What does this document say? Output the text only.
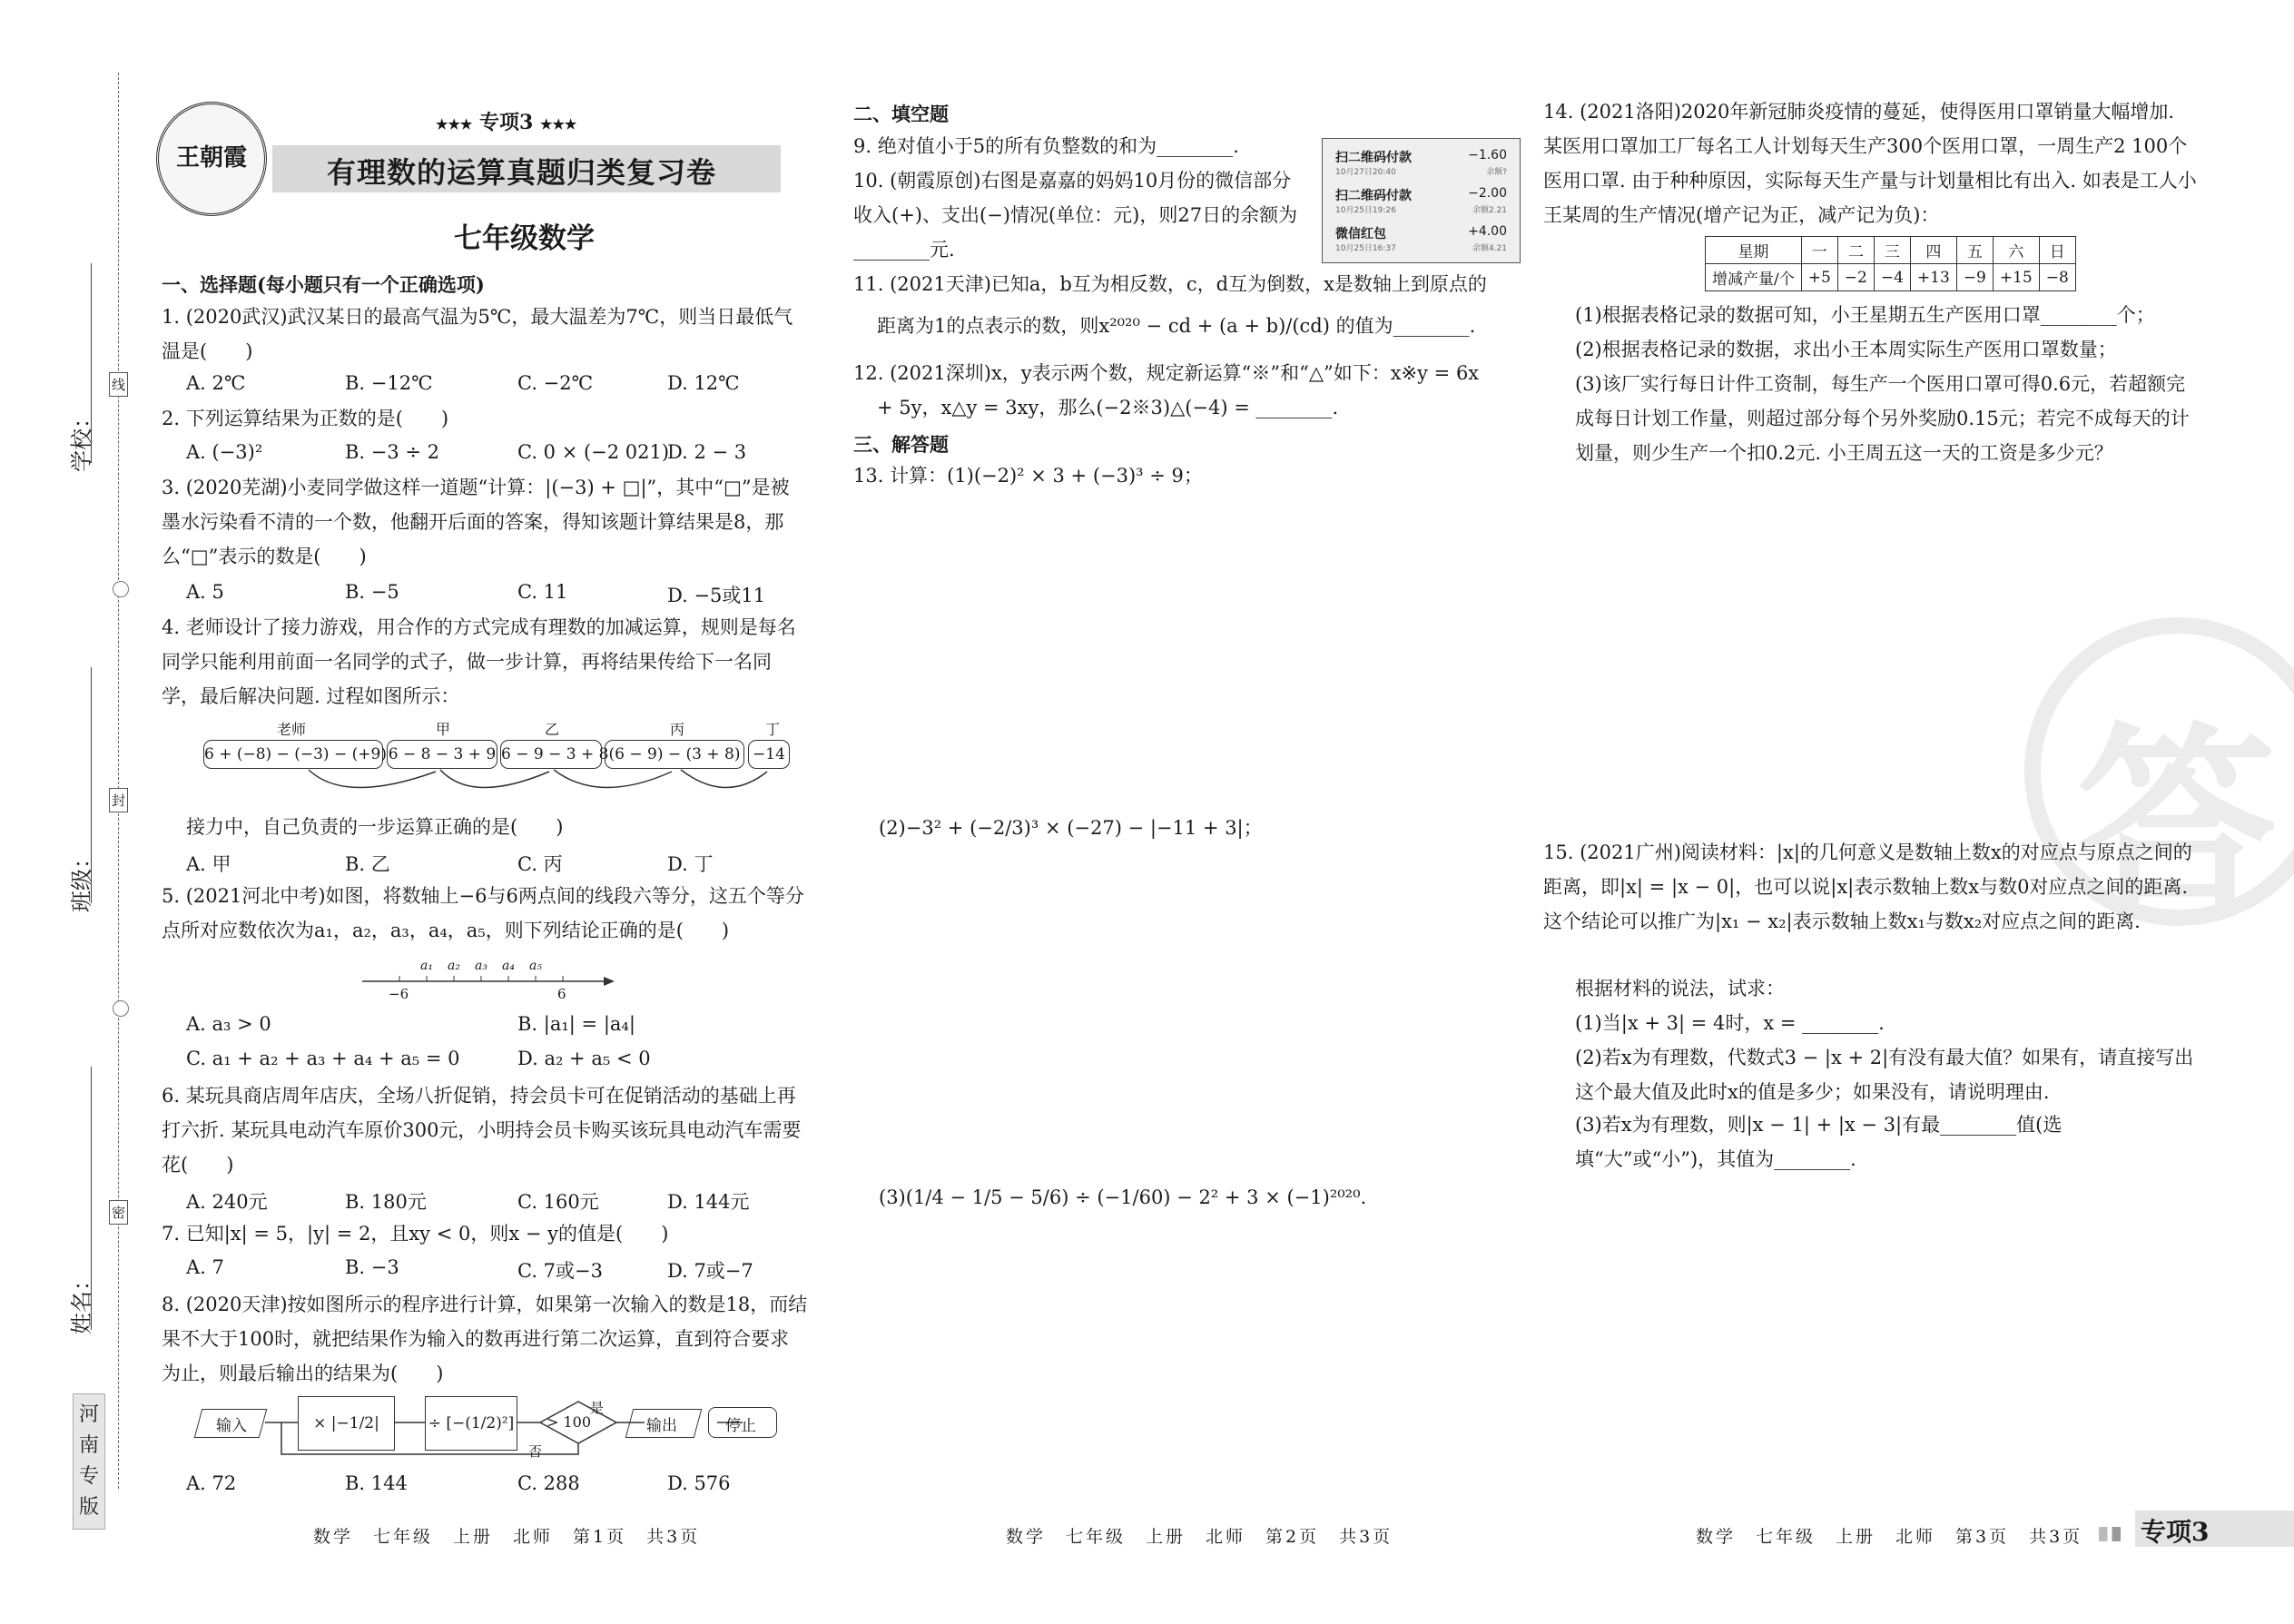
学校：
班级：
姓名：
线
封
密
河南专版
王朝霞
★★★ 专项3 ★★★
有理数的运算真题归类复习卷
七年级数学
一、选择题(每小题只有一个正确选项)
1. (2020武汉)武汉某日的最高气温为5℃，最大温差为7℃，则当日最低气温是(　　)
A. 2℃	B. −12℃	C. −2℃	D. 12℃
2. 下列运算结果为正数的是(　　)
A. (−3)²	B. −3 ÷ 2	C. 0 × (−2 021)
D. 2 − 3
3. (2020芜湖)小麦同学做这样一道题“计算：|(−3) + □|”，其中“□”是被墨水污染看不清的一个数，他翻开后面的答案，得知该题计算结果是8，那么“□”表示的数是(　　)
A. 5	B. −5	C. 11	D. −5或11
4. 老师设计了接力游戏，用合作的方式完成有理数的加减运算，规则是每名同学只能利用前面一名同学的式子，做一步计算，再将结果传给下一名同学，最后解决问题. 过程如图所示：
老师	甲	乙	丙	丁
6 + (−8) − (−3) − (+9) 6 − 8 − 3 + 9 6 − 9 − 3 + 8 (6 − 9) − (3 + 8) −14
接力中，自己负责的一步运算正确的是(　　)
A. 甲	B. 乙	C. 丙	D. 丁
5. (2021河北中考)如图，将数轴上−6与6两点间的线段六等分，这五个等分点所对应数依次为a₁，a₂，a₃，a₄，a₅，则下列结论正确的是(　　)
a₁ a₂ a₃ a₄ a₅
−6	6
A. a₃ > 0	B. |a₁| = |a₄|
C. a₁ + a₂ + a₃ + a₄ + a₅ = 0	D. a₂ + a₅ < 0
6. 某玩具商店周年店庆，全场八折促销，持会员卡可在促销活动的基础上再打六折. 某玩具电动汽车原价300元，小明持会员卡购买该玩具电动汽车需要花(　　)
A. 240元	B. 180元	C. 160元	D. 144元
7. 已知|x| = 5，|y| = 2，且xy < 0，则x − y的值是(　　)
A. 7	B. −3	C. 7或−3	D. 7或−7
8. (2020天津)按如图所示的程序进行计算，如果第一次输入的数是18，而结果不大于100时，就把结果作为输入的数再进行第二次运算，直到符合要求为止，则最后输出的结果为(　　)
输入	× |−1/2|	÷ [−(1/2)²] > 100
是
否
输出	停止
A. 72	B. 144	C. 288	D. 576
二、填空题
9. 绝对值小于5的所有负整数的和为________.
10. (朝霞原创)右图是嘉嘉的妈妈10月份的微信部分收入(+)、支出(−)情况(单位：元)，则27日的余额为________元.
扫二维码付款	−1.60
10月27日20:40	余额?
扫二维码付款	−2.00
10月25日19:26	余额2.21
微信红包	+4.00
10月25日16:37	余额4.21
11. (2021天津)已知a，b互为相反数，c，d互为倒数，x是数轴上到原点的
距离为1的点表示的数，则x²⁰²⁰ − cd + (a + b)/(cd) 的值为________.
12. (2021深圳)x，y表示两个数，规定新运算“※”和“△”如下：x※y = 6x
+ 5y，x△y = 3xy，那么(−2※3)△(−4) = ________.
三、解答题
13. 计算：(1)(−2)² × 3 + (−3)³ ÷ 9；
(2)−3² + (−2/3)³ × (−27) − |−11 + 3|；
(3)(1/4 − 1/5 − 5/6) ÷ (−1/60) − 2² + 3 × (−1)²⁰²⁰.
14. (2021洛阳)2020年新冠肺炎疫情的蔓延，使得医用口罩销量大幅增加. 某医用口罩加工厂每名工人计划每天生产300个医用口罩，一周生产2 100个医用口罩. 由于种种原因，实际每天生产量与计划量相比有出入. 如表是工人小王某周的生产情况(增产记为正，减产记为负)：
星期	一	二	三	四	五	六	日
增减产量/个	+5	−2	−4	+13	−9	+15	−8
(1)根据表格记录的数据可知，小王星期五生产医用口罩________个；
(2)根据表格记录的数据，求出小王本周实际生产医用口罩数量；
(3)该厂实行每日计件工资制，每生产一个医用口罩可得0.6元，若超额完成每日计划工作量，则超过部分每个另外奖励0.15元；若完不成每天的计划量，则少生产一个扣0.2元. 小王周五这一天的工资是多少元？
答
15. (2021广州)阅读材料：|x|的几何意义是数轴上数x的对应点与原点之间的距离，即|x| = |x − 0|，也可以说|x|表示数轴上数x与数0对应点之间的距离. 这个结论可以推广为|x₁ − x₂|表示数轴上数x₁与数x₂对应点之间的距离.
根据材料的说法，试求：
(1)当|x + 3| = 4时，x = ________.
(2)若x为有理数，代数式3 − |x + 2|有没有最大值？如果有，请直接写出这个最大值及此时x的值是多少；如果没有，请说明理由.
(3)若x为有理数，则|x − 1| + |x − 3|有最________值(选填“大”或“小”)，其值为________.
数学　七年级　上册　北师　第1页　共3页	数学　七年级　上册　北师　第2页　共3页	数学　七年级　上册　北师　第3页　共3页 专项3
